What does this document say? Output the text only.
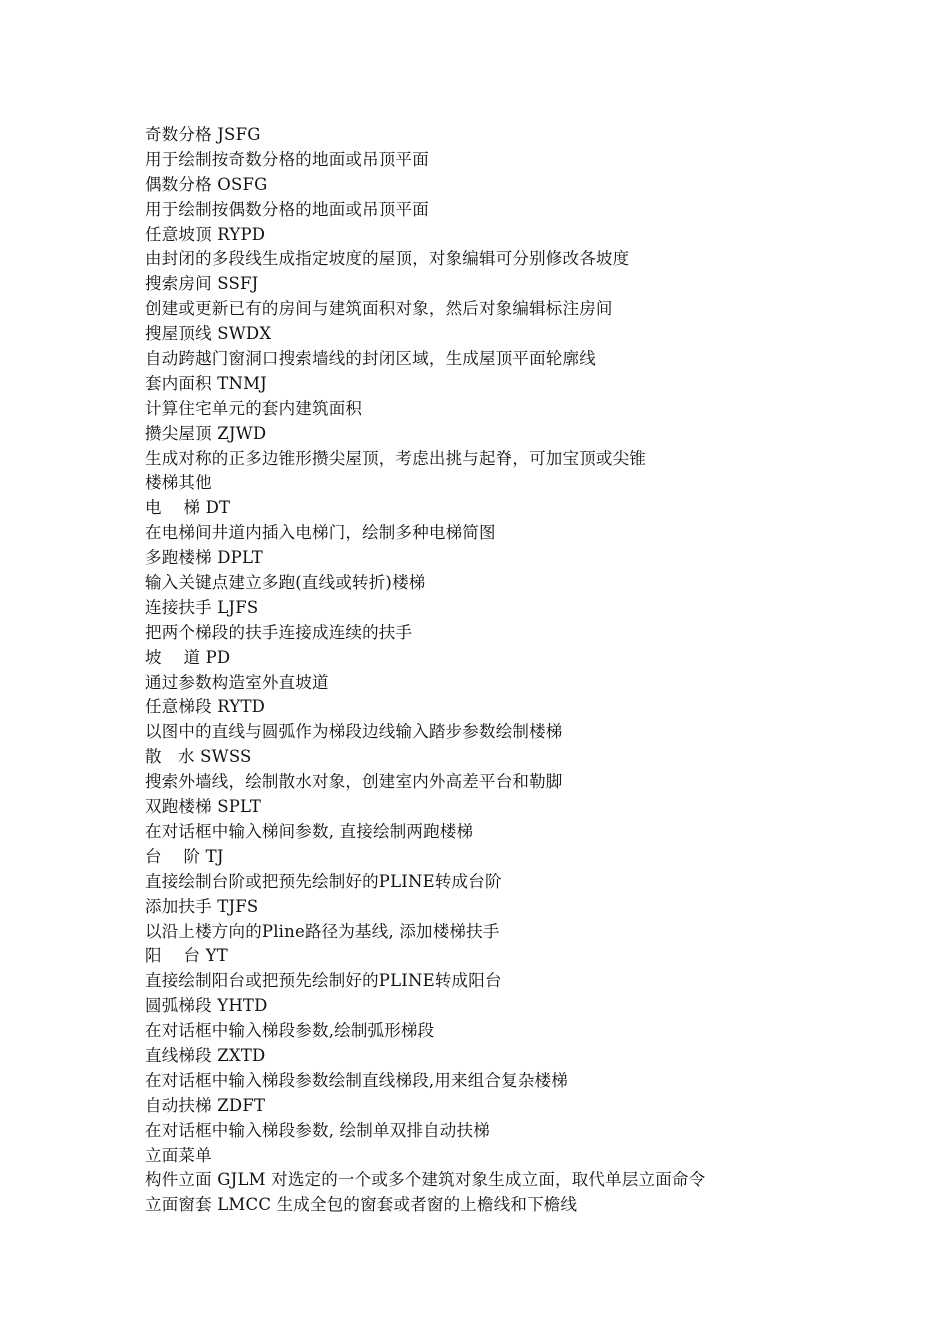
奇数分格 JSFG
用于绘制按奇数分格的地面或吊顶平面
偶数分格 OSFG
用于绘制按偶数分格的地面或吊顶平面
任意坡顶 RYPD
由封闭的多段线生成指定坡度的屋顶，对象编辑可分别修改各坡度
搜索房间 SSFJ
创建或更新已有的房间与建筑面积对象，然后对象编辑标注房间
搜屋顶线 SWDX
自动跨越门窗洞口搜索墙线的封闭区域，生成屋顶平面轮廓线
套内面积 TNMJ
计算住宅单元的套内建筑面积
攒尖屋顶 ZJWD
生成对称的正多边锥形攒尖屋顶，考虑出挑与起脊，可加宝顶或尖锥
楼梯其他
电    梯 DT
在电梯间井道内插入电梯门，绘制多种电梯简图
多跑楼梯 DPLT
输入关键点建立多跑(直线或转折)楼梯
连接扶手 LJFS
把两个梯段的扶手连接成连续的扶手
坡    道 PD
通过参数构造室外直坡道
任意梯段 RYTD
以图中的直线与圆弧作为梯段边线输入踏步参数绘制楼梯
散   水 SWSS
搜索外墙线，绘制散水对象，创建室内外高差平台和勒脚
双跑楼梯 SPLT
在对话框中输入梯间参数, 直接绘制两跑楼梯
台    阶 TJ
直接绘制台阶或把预先绘制好的PLINE转成台阶
添加扶手 TJFS
以沿上楼方向的Pline路径为基线, 添加楼梯扶手
阳    台 YT
直接绘制阳台或把预先绘制好的PLINE转成阳台
圆弧梯段 YHTD
在对话框中输入梯段参数,绘制弧形梯段
直线梯段 ZXTD
在对话框中输入梯段参数绘制直线梯段,用来组合复杂楼梯
自动扶梯 ZDFT
在对话框中输入梯段参数, 绘制单双排自动扶梯
立面菜单
构件立面 GJLM 对选定的一个或多个建筑对象生成立面，取代单层立面命令
立面窗套 LMCC 生成全包的窗套或者窗的上檐线和下檐线
